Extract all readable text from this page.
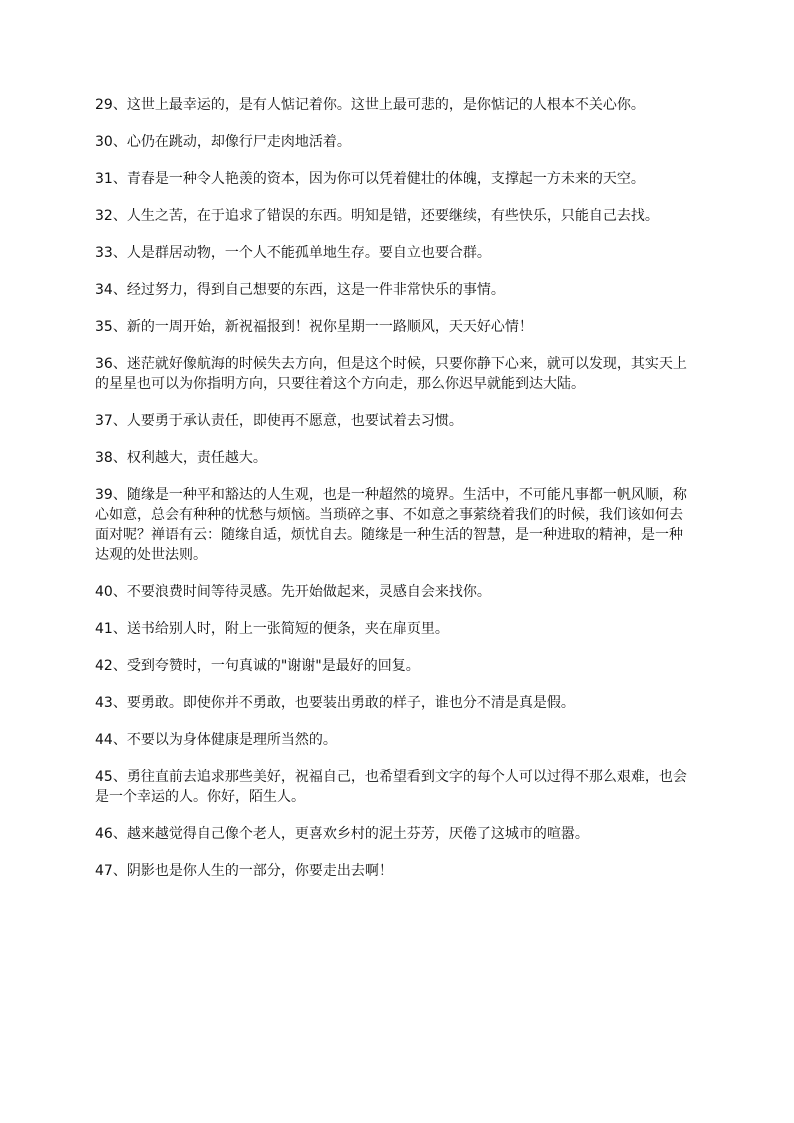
29、这世上最幸运的，是有人惦记着你。这世上最可悲的，是你惦记的人根本不关心你。

30、心仍在跳动，却像行尸走肉地活着。

31、青春是一种令人艳羡的资本，因为你可以凭着健壮的体魄，支撑起一方未来的天空。

32、人生之苦，在于追求了错误的东西。明知是错，还要继续，有些快乐，只能自己去找。

33、人是群居动物，一个人不能孤单地生存。要自立也要合群。

34、经过努力，得到自己想要的东西，这是一件非常快乐的事情。

35、新的一周开始，新祝福报到！祝你星期一一路顺风，天天好心情！

36、迷茫就好像航海的时候失去方向，但是这个时候，只要你静下心来，就可以发现，其实天上的星星也可以为你指明方向，只要往着这个方向走，那么你迟早就能到达大陆。

37、人要勇于承认责任，即使再不愿意，也要试着去习惯。

38、权利越大，责任越大。

39、随缘是一种平和豁达的人生观，也是一种超然的境界。生活中，不可能凡事都一帆风顺，称心如意，总会有种种的忧愁与烦恼。当琐碎之事、不如意之事萦绕着我们的时候，我们该如何去面对呢？禅语有云：随缘自适，烦忧自去。随缘是一种生活的智慧，是一种进取的精神，是一种达观的处世法则。

40、不要浪费时间等待灵感。先开始做起来，灵感自会来找你。

41、送书给别人时，附上一张简短的便条，夹在扉页里。

42、受到夸赞时，一句真诚的"谢谢"是最好的回复。

43、要勇敢。即使你并不勇敢，也要装出勇敢的样子，谁也分不清是真是假。

44、不要以为身体健康是理所当然的。

45、勇往直前去追求那些美好，祝福自己，也希望看到文字的每个人可以过得不那么艰难，也会是一个幸运的人。你好，陌生人。

46、越来越觉得自己像个老人，更喜欢乡村的泥土芬芳，厌倦了这城市的喧嚣。

47、阴影也是你人生的一部分，你要走出去啊！
